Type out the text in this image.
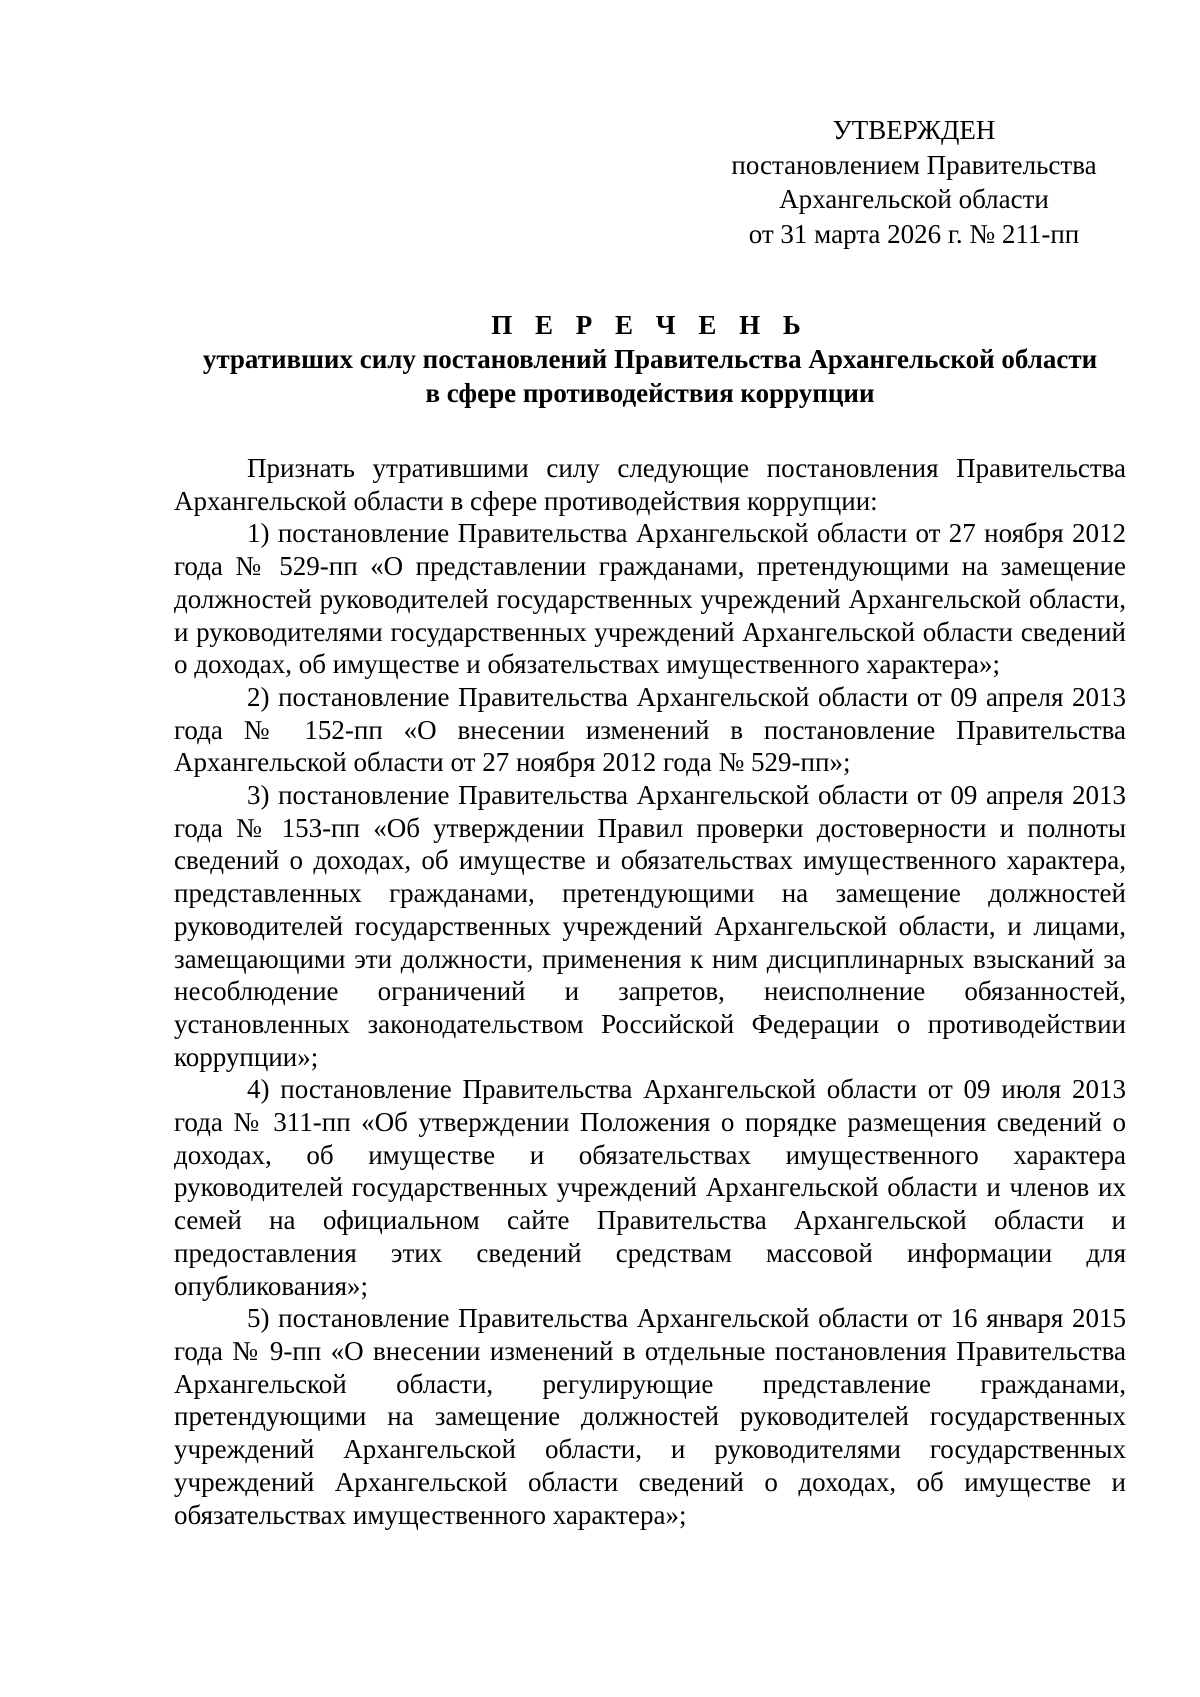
УТВЕРЖДЕН
постановлением Правительства
Архангельской области
от 31 марта 2026 г. № 211-пп
П Е Р Е Ч Е Н Ь
утративших силу постановлений Правительства Архангельской области
в сфере противодействия коррупции

Признать утратившими силу следующие постановления Правительства Архангельской области в сфере противодействия коррупции:

1) постановление Правительства Архангельской области от 27 ноября 2012 года № 529-пп «О представлении гражданами, претендующими на замещение должностей руководителей государственных учреждений Архангельской области, и руководителями государственных учреждений Архангельской области сведений о доходах, об имуществе и обязательствах имущественного характера»;

2) постановление Правительства Архангельской области от 09 апреля 2013 года № 152-пп «О внесении изменений в постановление Правительства Архангельской области от 27 ноября 2012 года № 529-пп»;

3) постановление Правительства Архангельской области от 09 апреля 2013 года № 153-пп «Об утверждении Правил проверки достоверности и полноты сведений о доходах, об имуществе и обязательствах имущественного характера, представленных гражданами, претендующими на замещение должностей руководителей государственных учреждений Архангельской области, и лицами, замещающими эти должности, применения к ним дисциплинарных взысканий за несоблюдение ограничений и запретов, неисполнение обязанностей, установленных законодательством Российской Федерации о противодействии коррупции»;

4) постановление Правительства Архангельской области от 09 июля 2013 года № 311-пп «Об утверждении Положения о порядке размещения сведений о доходах, об имуществе и обязательствах имущественного характера руководителей государственных учреждений Архангельской области и членов их семей на официальном сайте Правительства Архангельской области и предоставления этих сведений средствам массовой информации для опубликования»;

5) постановление Правительства Архангельской области от 16 января 2015 года № 9-пп «О внесении изменений в отдельные постановления Правительства Архангельской области, регулирующие представление гражданами, претендующими на замещение должностей руководителей государственных учреждений Архангельской области, и руководителями государственных учреждений Архангельской области сведений о доходах, об имуществе и обязательствах имущественного характера»;
